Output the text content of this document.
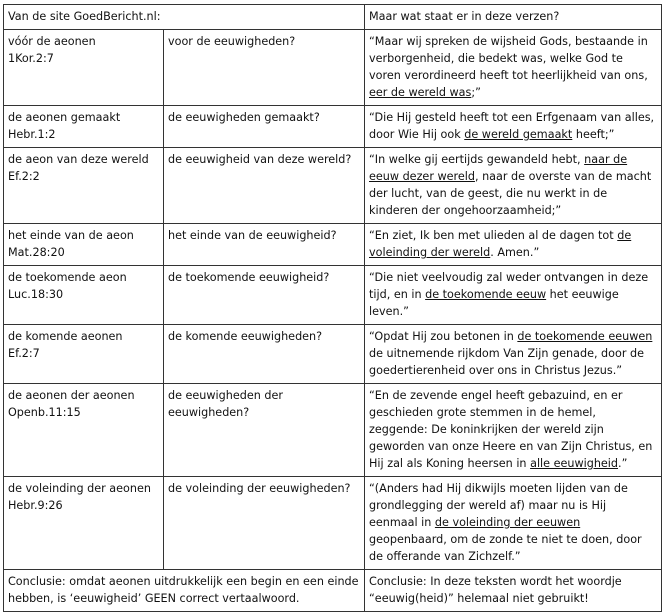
Van de site GoedBericht.nl:		Maar wat staat er in deze verzen?

vóór de aeonen
1Kor.2:7	voor de eeuwigheden?	“Maar wij spreken de wijsheid Gods, bestaande in verborgenheid, die bedekt was, welke God te voren verordineerd heeft tot heerlijkheid van ons, eer de wereld was;”

de aeonen gemaakt
Hebr.1:2	de eeuwigheden gemaakt?	“Die Hij gesteld heeft tot een Erfgenaam van alles, door Wie Hij ook de wereld gemaakt heeft;”

de aeon van deze wereld
Ef.2:2	de eeuwigheid van deze wereld?	“In welke gij eertijds gewandeld hebt, naar de eeuw dezer wereld, naar de overste van de macht der lucht, van de geest, die nu werkt in de kinderen der ongehoorzaamheid;”

het einde van de aeon
Mat.28:20	het einde van de eeuwigheid?	“En ziet, Ik ben met ulieden al de dagen tot de voleinding der wereld. Amen.”

de toekomende aeon
Luc.18:30	de toekomende eeuwigheid?	“Die niet veelvoudig zal weder ontvangen in deze tijd, en in de toekomende eeuw het eeuwige leven.”

de komende aeonen
Ef.2:7	de komende eeuwigheden?	“Opdat Hij zou betonen in de toekomende eeuwen de uitnemende rijkdom Van Zijn genade, door de goedertierenheid over ons in Christus Jezus.”

de aeonen der aeonen
Openb.11:15	de eeuwigheden der eeuwigheden?	“En de zevende engel heeft gebazuind, en er geschieden grote stemmen in de hemel, zeggende: De koninkrijken der wereld zijn geworden van onze Heere en van Zijn Christus, en Hij zal als Koning heersen in alle eeuwigheid.”

de voleinding der aeonen
Hebr.9:26	de voleinding der eeuwigheden?	“(Anders had Hij dikwijls moeten lijden van de grondlegging der wereld af) maar nu is Hij eenmaal in de voleinding der eeuwen geopenbaard, om de zonde te niet te doen, door de offerande van Zichzelf.”
Conclusie: omdat aeonen uitdrukkelijk een begin en een einde hebben, is ‘eeuwigheid’ GEEN correct vertaalwoord.		Conclusie: In deze teksten wordt het woordje “eeuwig(heid)” helemaal niet gebruikt!
